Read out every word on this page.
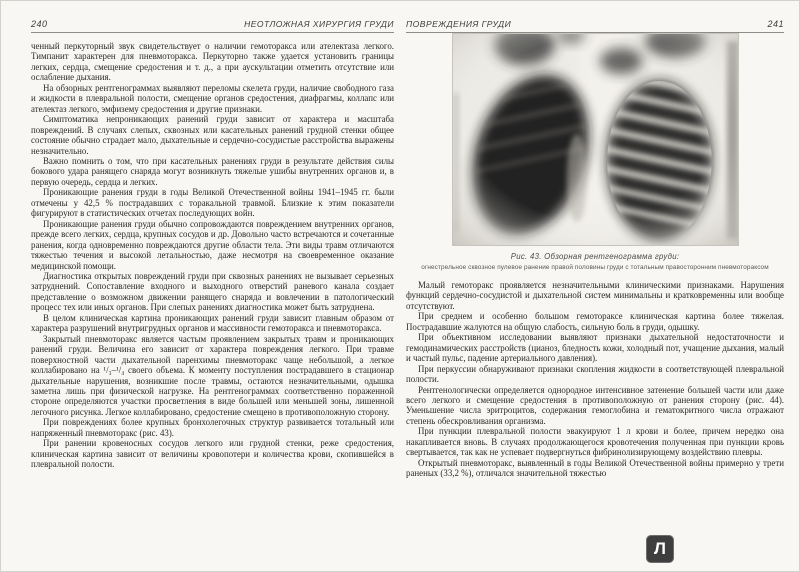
240	НЕОТЛОЖНАЯ ХИРУРГИЯ ГРУДИ

ченный перкуторный звук свидетельствует о наличии гемоторакса или ателектаза легкого. Тимпанит характерен для пневмоторакса. Перкуторно также удается установить границы легких, сердца, смещение средостения и т. д., а при аускультации отметить отсутствие или ослабление дыхания.

На обзорных рентгенограммах выявляют переломы скелета груди, наличие свободного газа и жидкости в плевральной полости, смещение органов средостения, диафрагмы, коллапс или ателектаз легкого, эмфизему средостения и другие признаки.

Симптоматика непроникающих ранений груди зависит от характера и масштаба повреждений. В случаях слепых, сквозных или касательных ранений грудной стенки общее состояние обычно страдает мало, дыхательные и сердечно-сосудистые расстройства выражены незначительно.

Важно помнить о том, что при касательных ранениях груди в результате действия силы бокового удара ранящего снаряда могут возникнуть тяжелые ушибы внутренних органов и, в первую очередь, сердца и легких.

Проникающие ранения груди в годы Великой Отечественной войны 1941–1945 гг. были отмечены у 42,5 % пострадавших с торакальной травмой. Близкие к этим показатели фигурируют в статистических отчетах последующих войн.

Проникающие ранения груди обычно сопровождаются повреждением внутренних органов, прежде всего легких, сердца, крупных сосудов и др. Довольно часто встречаются и сочетанные ранения, когда одновременно повреждаются другие области тела. Эти виды травм отличаются тяжестью течения и высокой летальностью, даже несмотря на своевременное оказание медицинской помощи.

Диагностика открытых повреждений груди при сквозных ранениях не вызывает серьезных затруднений. Сопоставление входного и выходного отверстий раневого канала создает представление о возможном движении ранящего снаряда и вовлечении в патологический процесс тех или иных органов. При слепых ранениях диагностика может быть затруднена.

В целом клиническая картина проникающих ранений груди зависит главным образом от характера разрушений внутригрудных органов и массивности гемоторакса и пневмоторакса.

Закрытый пневмоторакс является частым проявлением закрытых травм и проникающих ранений груди. Величина его зависит от характера повреждения легкого. При травме поверхностной части дыхательной паренхимы пневмоторакс чаще небольшой, а легкое коллабировано на ¹/₃–¹/₄ своего объема. К моменту поступления пострадавшего в стационар дыхательные нарушения, возникшие после травмы, остаются незначительными, одышка заметна лишь при физической нагрузке. На рентгенограммах соответственно пораженной стороне определяются участки просветления в виде большей или меньшей зоны, лишенной легочного рисунка. Легкое коллабировано, средостение смещено в противоположную сторону.

При повреждениях более крупных бронхолегочных структур развивается тотальный или напряженный пневмоторакс (рис. 43).

При ранении кровеносных сосудов легкого или грудной стенки, реже средостения, клиническая картина зависит от величины кровопотери и количества крови, скопившейся в плевральной полости.

ПОВРЕЖДЕНИЯ ГРУДИ	241
Рис. 43. Обзорная рентгенограмма груди:
огнестрельное сквозное пулевое ранение правой половины груди с тотальным правосторонним пневмотораксом

Малый гемоторакс проявляется незначительными клиническими признаками. Нарушения функций сердечно-сосудистой и дыхательной систем минимальны и кратковременны или вообще отсутствуют.

При среднем и особенно большом гемотораксе клиническая картина более тяжелая. Пострадавшие жалуются на общую слабость, сильную боль в груди, одышку.

При объективном исследовании выявляют признаки дыхательной недостаточности и гемодинамических расстройств (цианоз, бледность кожи, холодный пот, учащение дыхания, малый и частый пульс, падение артериального давления).

При перкуссии обнаруживают признаки скопления жидкости в соответствующей плевральной полости.

Рентгенологически определяется однородное интенсивное затенение большей части или даже всего легкого и смещение средостения в противоположную от ранения сторону (рис. 44). Уменьшение числа эритроцитов, содержания гемоглобина и гематокритного числа отражают степень обескровливания организма.

При пункции плевральной полости эвакуируют 1 л крови и более, причем нередко она накапливается вновь. В случаях продолжающегося кровотечения полученная при пункции кровь свертывается, так как не успевает подвергнуться фибринолизирующему воздействию плевры.

Открытый пневмоторакс, выявленный в годы Великой Отечественной войны примерно у трети раненых (33,2 %), отличался значительной тяжестью

Л
